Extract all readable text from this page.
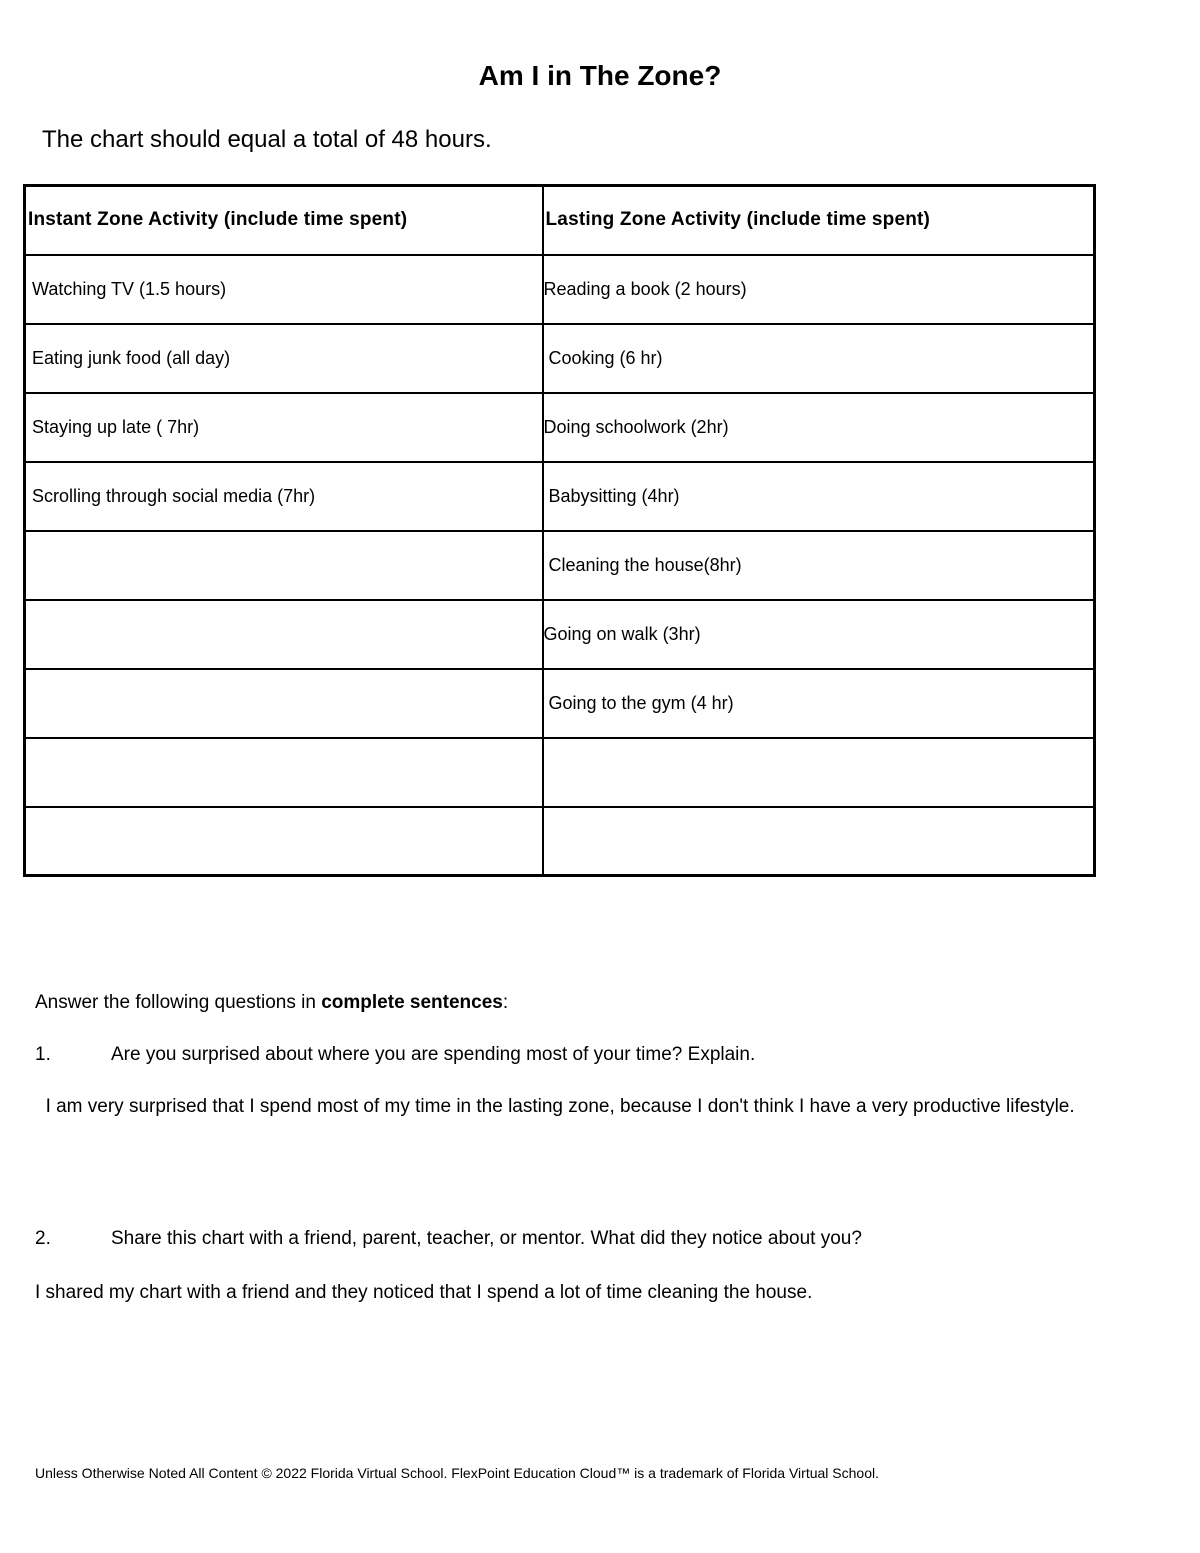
Am I in The Zone?
The chart should equal a total of 48 hours.
Instant Zone Activity (include time spent)	Lasting Zone Activity (include time spent)
Watching TV (1.5 hours)	Reading a book (2 hours)
Eating junk food (all day)	Cooking (6 hr)
Staying up late ( 7hr)	Doing schoolwork (2hr)
Scrolling through social media (7hr)	Babysitting (4hr)
	Cleaning the house(8hr)
	Going on walk (3hr)
	Going to the gym (4 hr)

Answer the following questions in complete sentences:
1.	Are you surprised about where you are spending most of your time? Explain.
I am very surprised that I spend most of my time in the lasting zone, because I don't think I have a very productive lifestyle.
2.	Share this chart with a friend, parent, teacher, or mentor. What did they notice about you?
I shared my chart with a friend and they noticed that I spend a lot of time cleaning the house.
Unless Otherwise Noted All Content © 2022 Florida Virtual School. FlexPoint Education Cloud™ is a trademark of Florida Virtual School.
